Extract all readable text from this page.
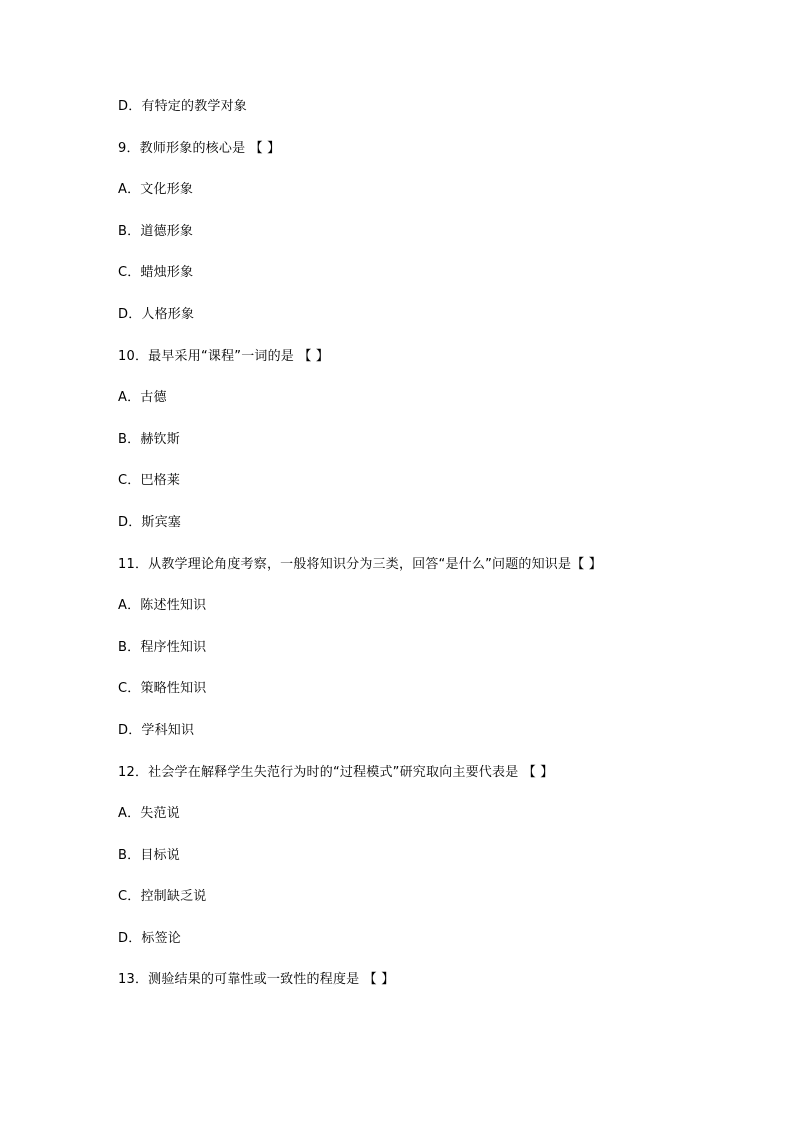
D．有特定的教学对象
9．教师形象的核心是 【 】
A．文化形象
B．道德形象
C．蜡烛形象
D．人格形象
10．最早采用“课程”一词的是 【 】
A．古德
B．赫钦斯
C．巴格莱
D．斯宾塞
11．从教学理论角度考察，一般将知识分为三类，回答“是什么”问题的知识是【 】
A．陈述性知识
B．程序性知识
C．策略性知识
D．学科知识
12．社会学在解释学生失范行为时的“过程模式”研究取向主要代表是 【 】
A．失范说
B．目标说
C．控制缺乏说
D．标签论
13．测验结果的可靠性或一致性的程度是 【 】
